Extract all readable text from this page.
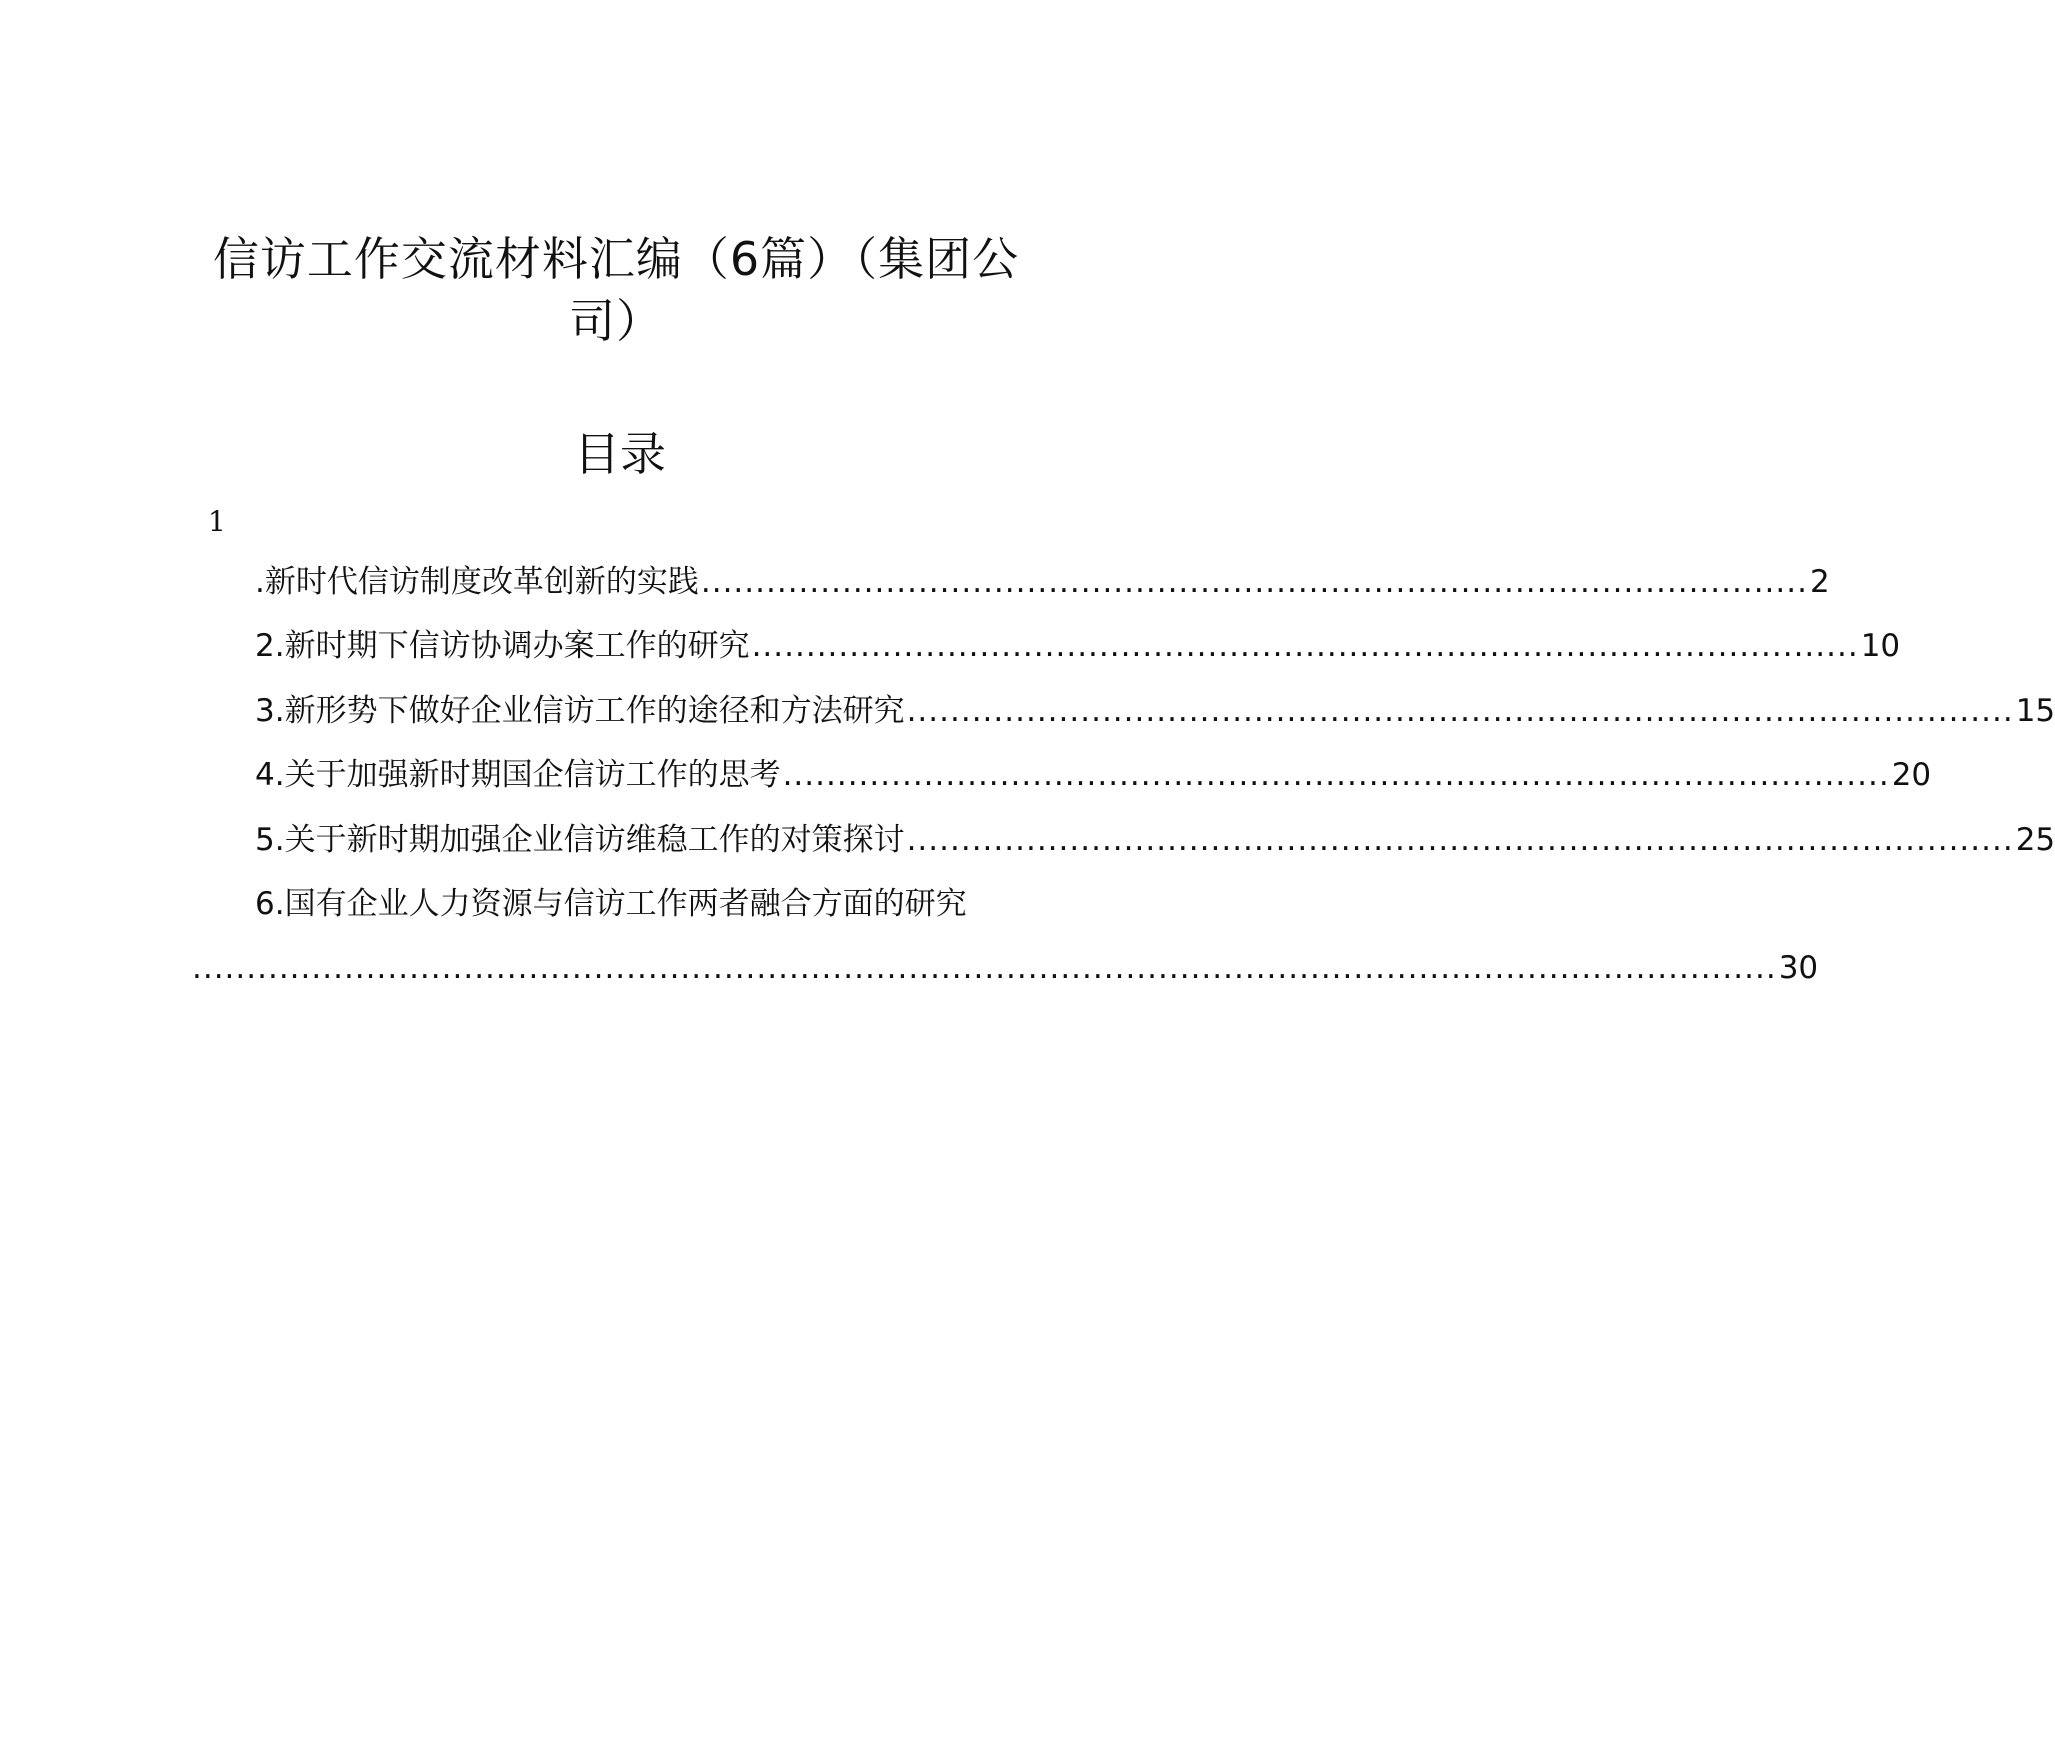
信访工作交流材料汇编（6篇）（集团公司）
目录
1
.新时代信访制度改革创新的实践 ...................................................................................................... 2
2.新时期下信访协调办案工作的研究 ...................................................................................................... 10
3.新形势下做好企业信访工作的途径和方法研究 ...................................................................................................... 15
4.关于加强新时期国企信访工作的思考 ...................................................................................................... 20
5.关于新时期加强企业信访维稳工作的对策探讨 ...................................................................................................... 25
6.国有企业人力资源与信访工作两者融合方面的研究
.................................................................................................................................................. 30
